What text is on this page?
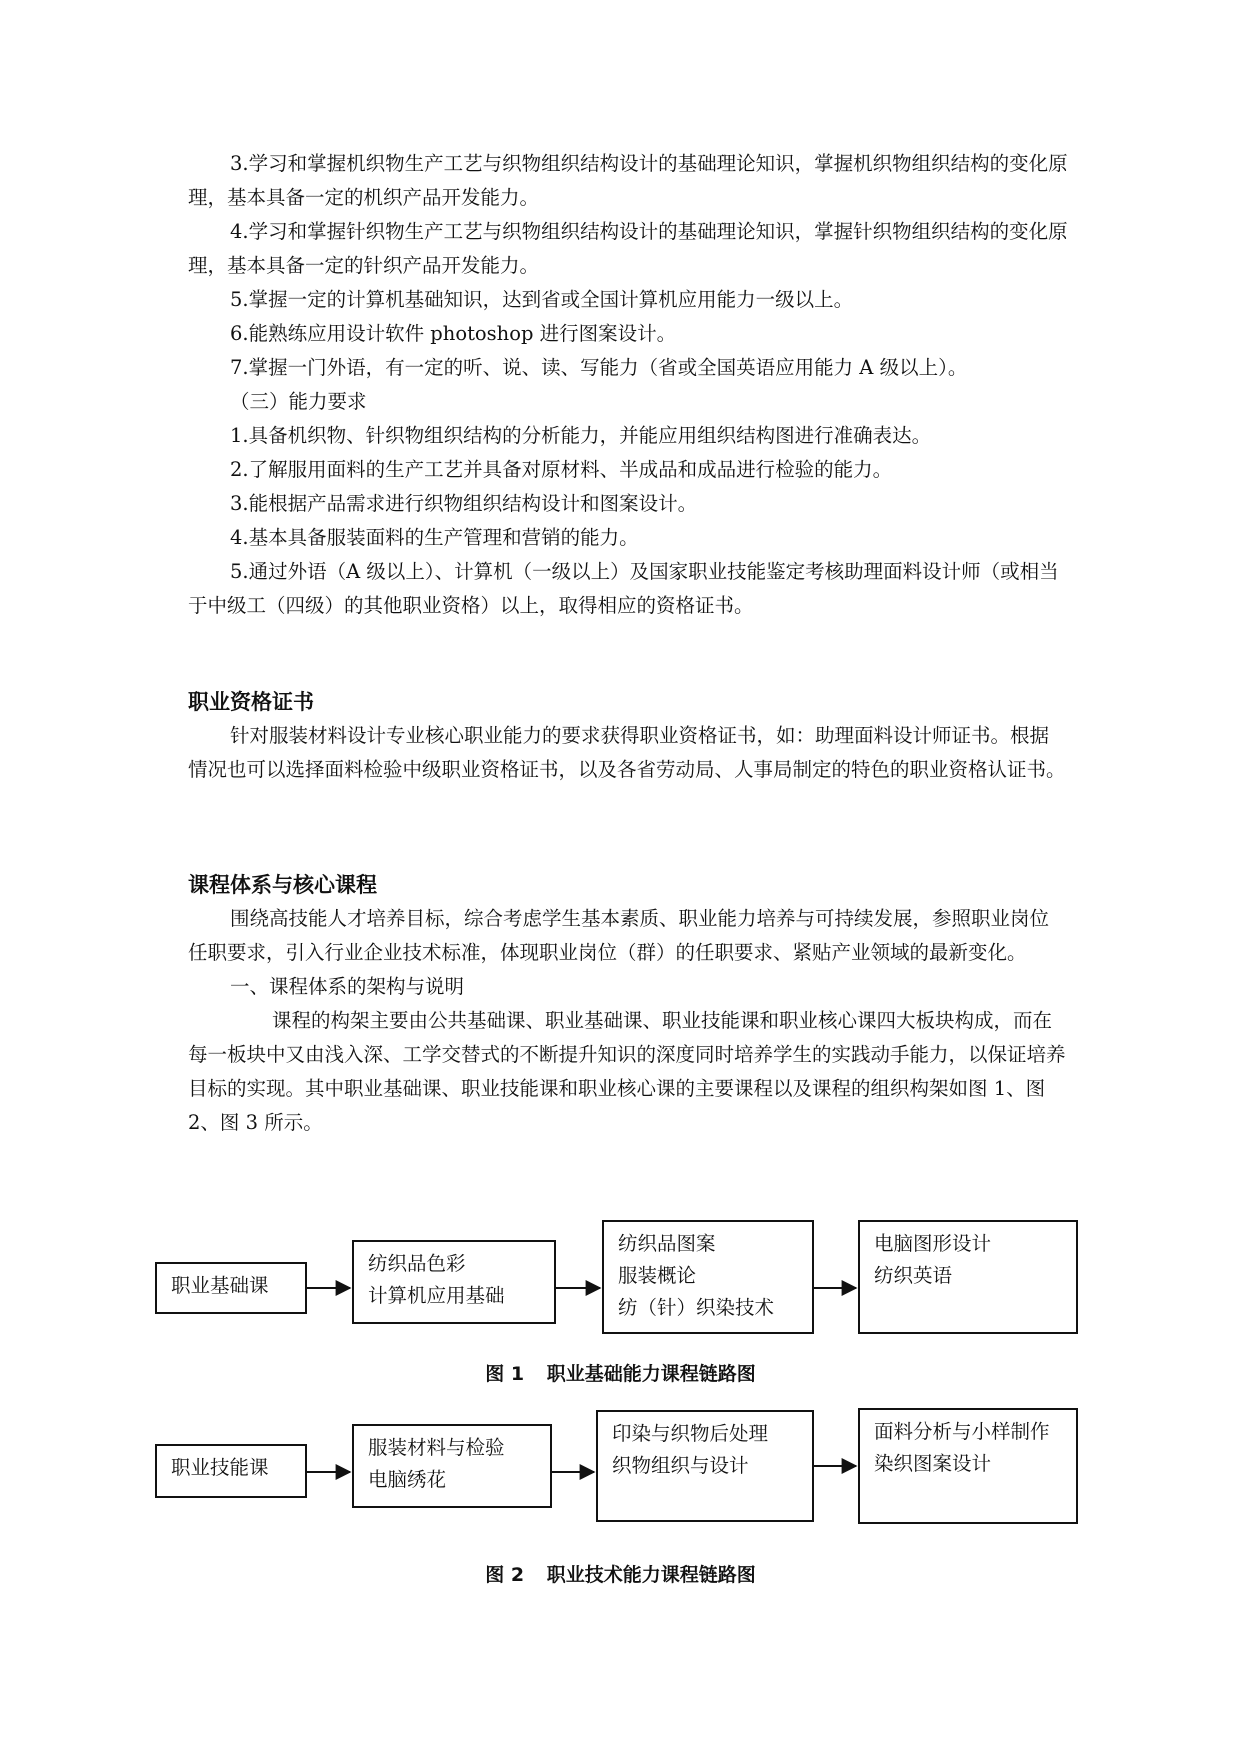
3.学习和掌握机织物生产工艺与织物组织结构设计的基础理论知识，掌握机织物组织结构的变化原理，基本具备一定的机织产品开发能力。

4.学习和掌握针织物生产工艺与织物组织结构设计的基础理论知识，掌握针织物组织结构的变化原理，基本具备一定的针织产品开发能力。

5.掌握一定的计算机基础知识，达到省或全国计算机应用能力一级以上。

6.能熟练应用设计软件 photoshop 进行图案设计。

7.掌握一门外语，有一定的听、说、读、写能力（省或全国英语应用能力 A 级以上）。

（三）能力要求

1.具备机织物、针织物组织结构的分析能力，并能应用组织结构图进行准确表达。

2.了解服用面料的生产工艺并具备对原材料、半成品和成品进行检验的能力。

3.能根据产品需求进行织物组织结构设计和图案设计。

4.基本具备服装面料的生产管理和营销的能力。

5.通过外语（A 级以上）、计算机（一级以上）及国家职业技能鉴定考核助理面料设计师（或相当于中级工（四级）的其他职业资格）以上，取得相应的资格证书。

职业资格证书

针对服装材料设计专业核心职业能力的要求获得职业资格证书，如：助理面料设计师证书。根据情况也可以选择面料检验中级职业资格证书，以及各省劳动局、人事局制定的特色的职业资格认证书。

课程体系与核心课程

围绕高技能人才培养目标，综合考虑学生基本素质、职业能力培养与可持续发展，参照职业岗位任职要求，引入行业企业技术标准，体现职业岗位（群）的任职要求、紧贴产业领域的最新变化。

一、课程体系的架构与说明

课程的构架主要由公共基础课、职业基础课、职业技能课和职业核心课四大板块构成，而在每一板块中又由浅入深、工学交替式的不断提升知识的深度同时培养学生的实践动手能力，以保证培养目标的实现。其中职业基础课、职业技能课和职业核心课的主要课程以及课程的组织构架如图 1、图 2、图 3 所示。

职业基础课
纺织品色彩
计算机应用基础
纺织品图案
服装概论
纺（针）织染技术
电脑图形设计
纺织英语
图 1 职业基础能力课程链路图
职业技能课
服装材料与检验
电脑绣花
印染与织物后处理
织物组织与设计
面料分析与小样制作
染织图案设计
图 2 职业技术能力课程链路图
